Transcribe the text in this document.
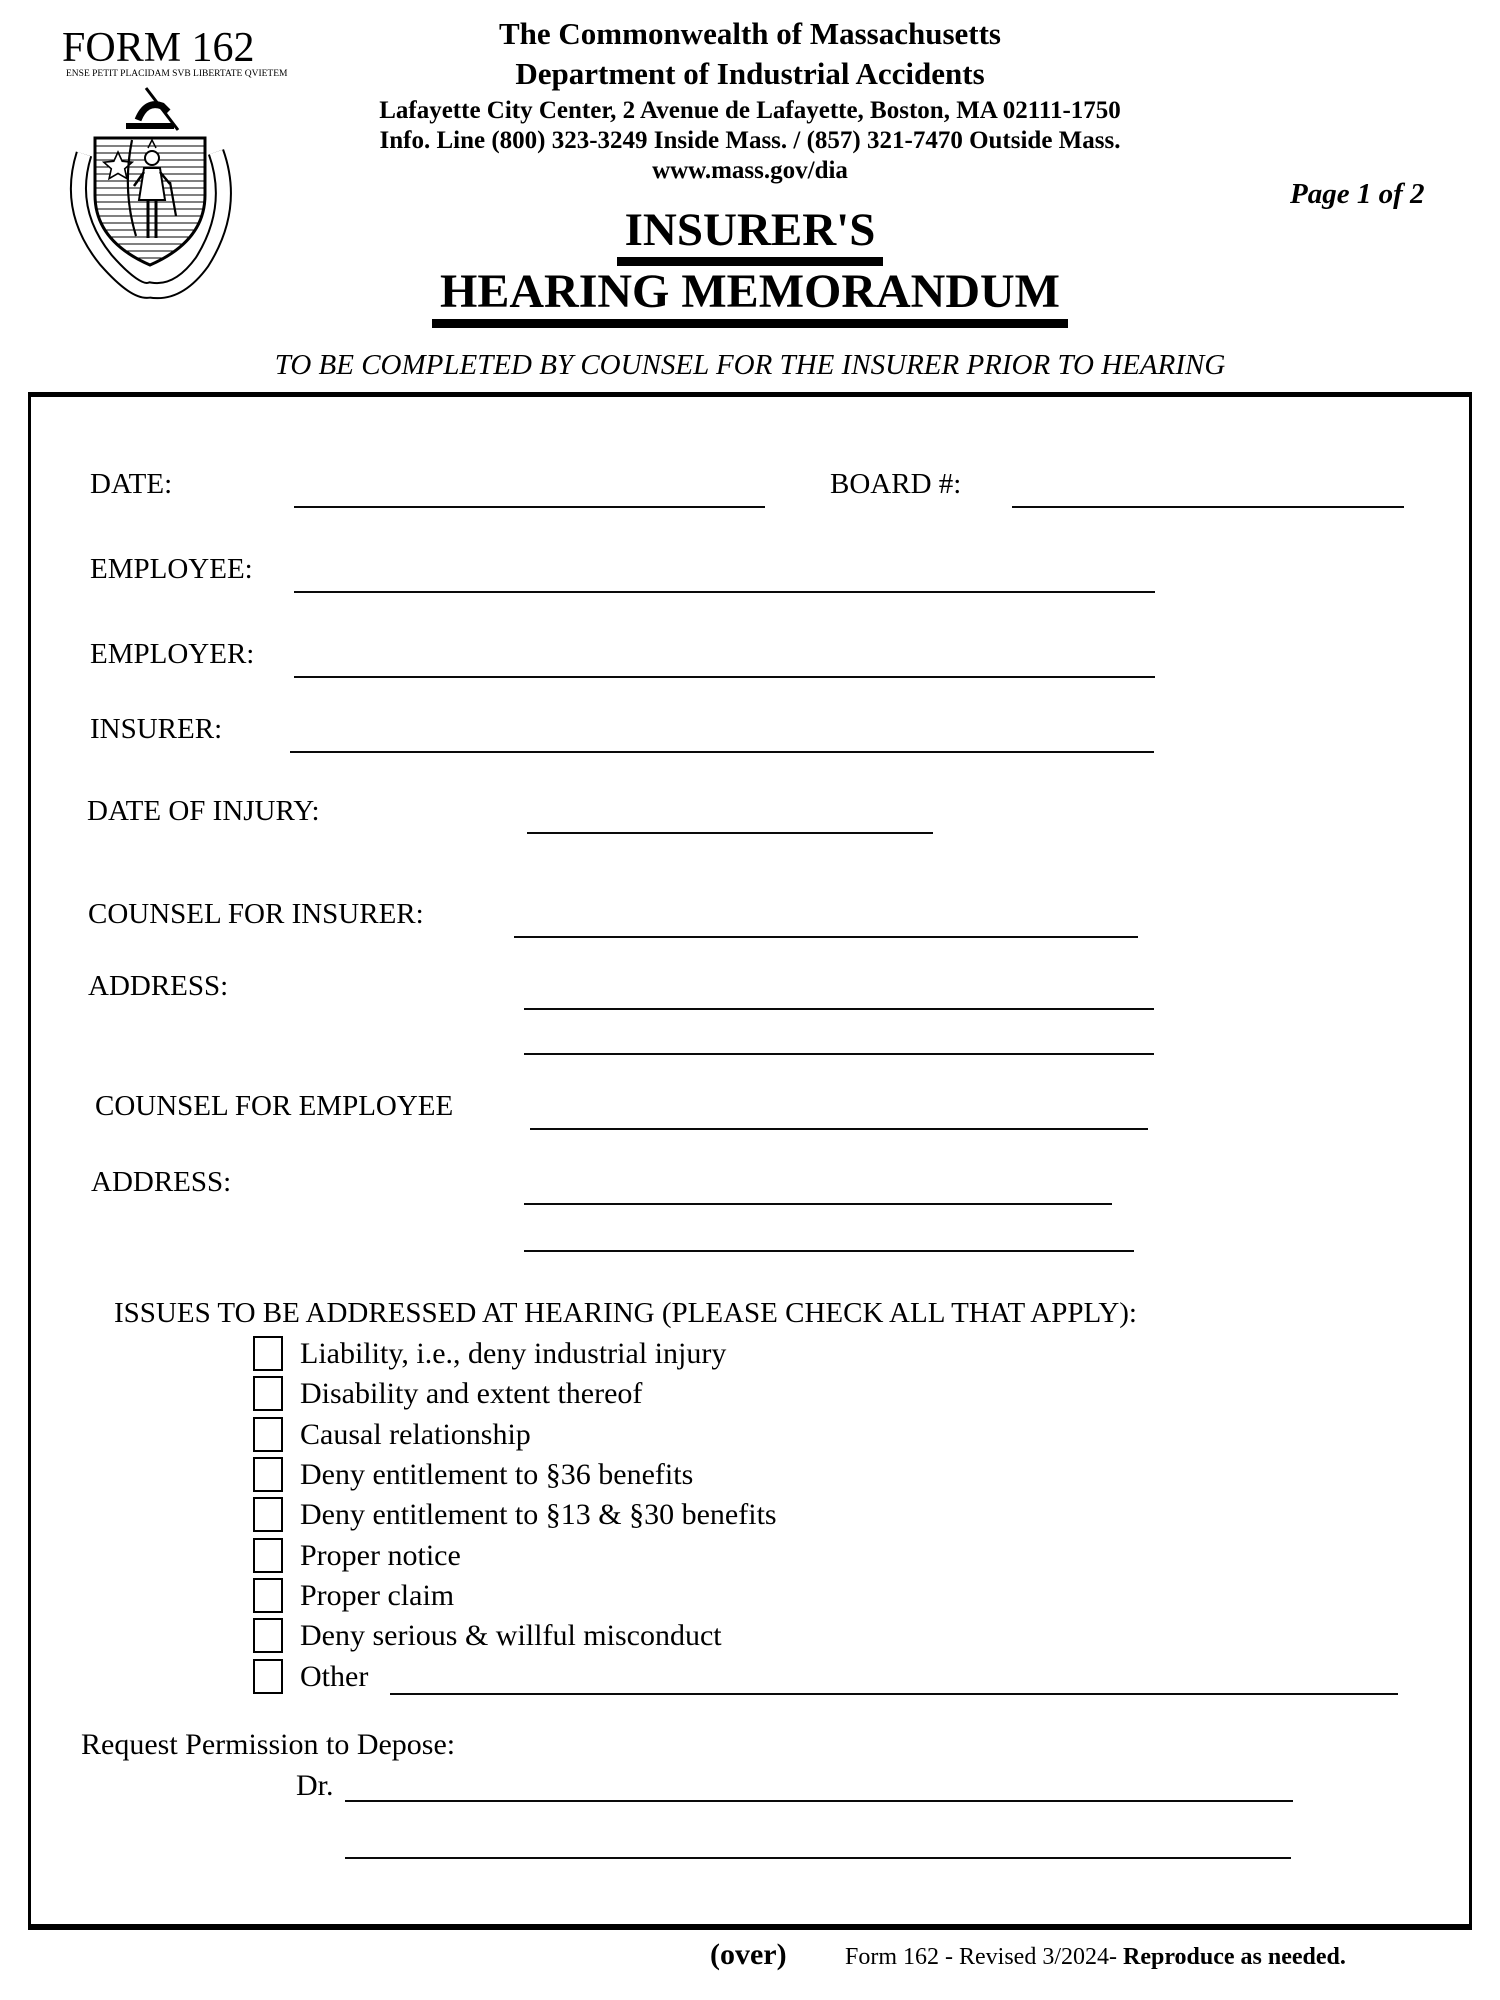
FORM 162
ENSE PETIT PLACIDAM SVB LIBERTATE QVIETEM
The Commonwealth of Massachusetts
Department of Industrial Accidents
Lafayette City Center, 2 Avenue de Lafayette, Boston, MA 02111-1750
Info. Line (800) 323-3249 Inside Mass. / (857) 321-7470 Outside Mass.
www.mass.gov/dia
Page 1 of 2
INSURER'S
HEARING MEMORANDUM
TO BE COMPLETED BY COUNSEL FOR THE INSURER PRIOR TO HEARING
DATE:	BOARD #:
EMPLOYEE:
EMPLOYER:
INSURER:
DATE OF INJURY:
COUNSEL FOR INSURER:
ADDRESS:
COUNSEL FOR EMPLOYEE
ADDRESS:
ISSUES TO BE ADDRESSED AT HEARING (PLEASE CHECK ALL THAT APPLY):
Liability, i.e., deny industrial injury
Disability and extent thereof
Causal relationship
Deny entitlement to §36 benefits
Deny entitlement to §13 & §30 benefits
Proper notice
Proper claim
Deny serious & willful misconduct
Other
Request Permission to Depose:
Dr.
(over) Form 162 - Revised 3/2024- Reproduce as needed.
